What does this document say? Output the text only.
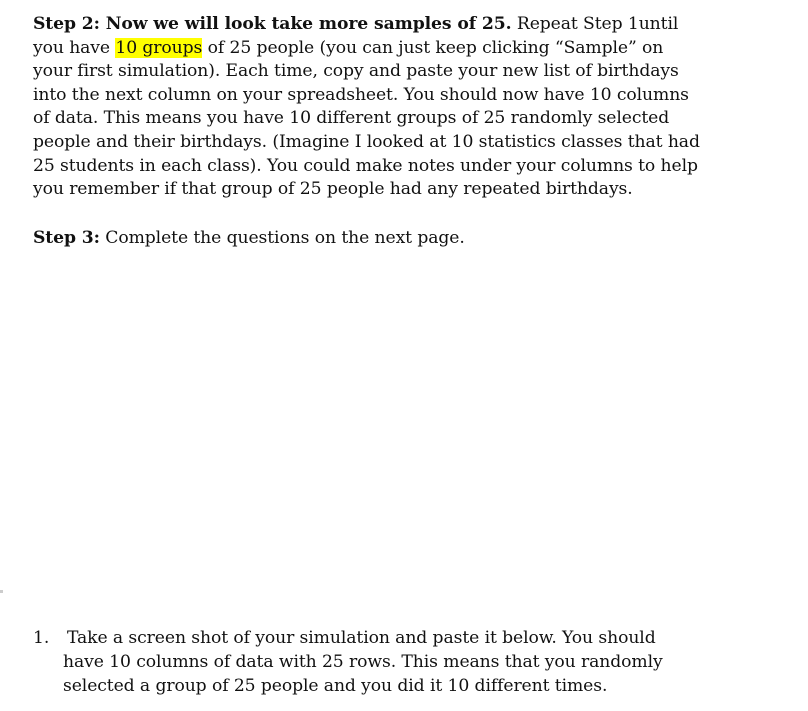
Step 2: Now we will look take more samples of 25. Repeat Step 1until you have 10 groups of 25 people (you can just keep clicking “Sample” on your first simulation). Each time, copy and paste your new list of birthdays into the next column on your spreadsheet. You should now have 10 columns of data. This means you have 10 different groups of 25 randomly selected people and their birthdays. (Imagine I looked at 10 statistics classes that had 25 students in each class). You could make notes under your columns to help you remember if that group of 25 people had any repeated birthdays.
Step 3: Complete the questions on the next page.
1.	Take a screen shot of your simulation and paste it below. You should have 10 columns of data with 25 rows. This means that you randomly selected a group of 25 people and you did it 10 different times.
